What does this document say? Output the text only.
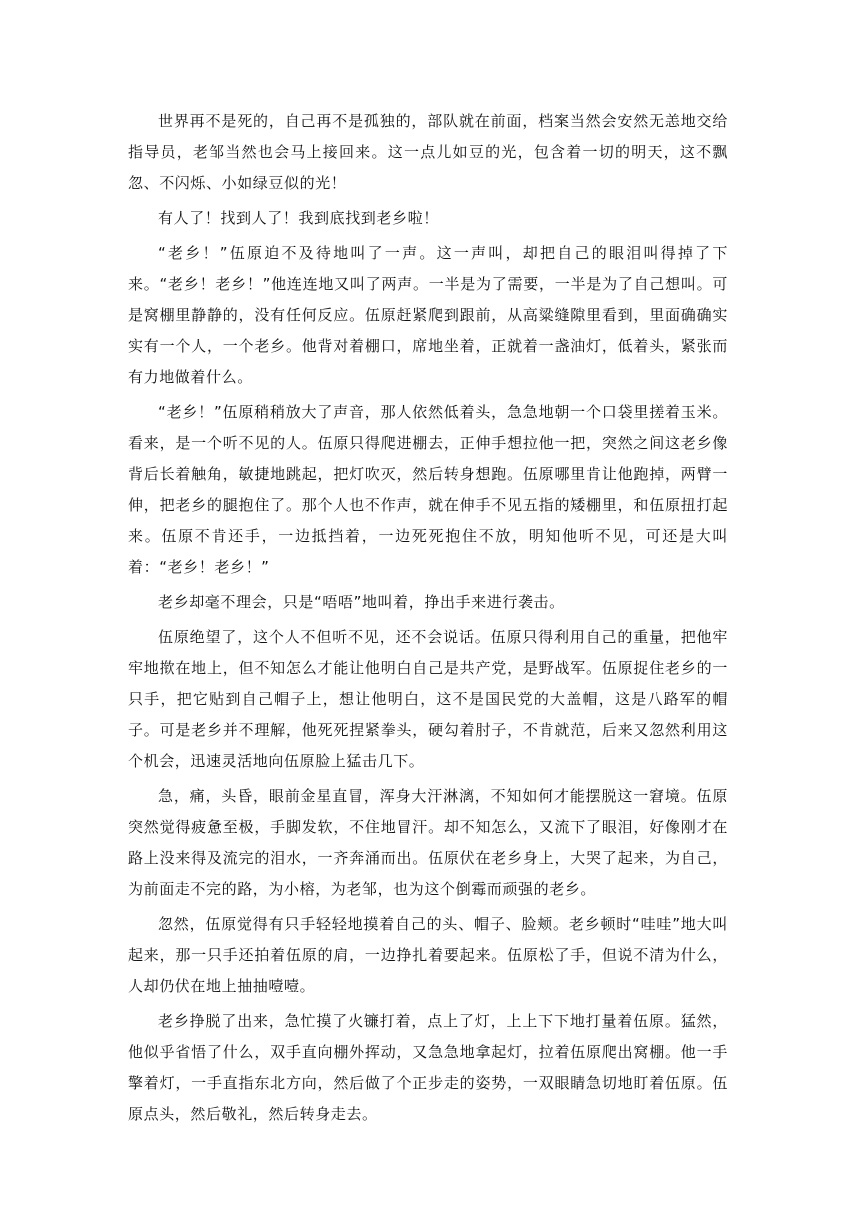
世界再不是死的，自己再不是孤独的，部队就在前面，档案当然会安然无恙地交给指导员，老邹当然也会马上接回来。这一点儿如豆的光，包含着一切的明天，这不飘忽、不闪烁、小如绿豆似的光！

有人了！找到人了！我到底找到老乡啦！

“老乡！”伍原迫不及待地叫了一声。这一声叫，却把自己的眼泪叫得掉了下来。“老乡！老乡！”他连连地又叫了两声。一半是为了需要，一半是为了自己想叫。可是窝棚里静静的，没有任何反应。伍原赶紧爬到跟前，从高粱缝隙里看到，里面确确实实有一个人，一个老乡。他背对着棚口，席地坐着，正就着一盏油灯，低着头，紧张而有力地做着什么。

“老乡！”伍原稍稍放大了声音，那人依然低着头，急急地朝一个口袋里搓着玉米。看来，是一个听不见的人。伍原只得爬进棚去，正伸手想拉他一把，突然之间这老乡像背后长着触角，敏捷地跳起，把灯吹灭，然后转身想跑。伍原哪里肯让他跑掉，两臂一伸，把老乡的腿抱住了。那个人也不作声，就在伸手不见五指的矮棚里，和伍原扭打起来。伍原不肯还手，一边抵挡着，一边死死抱住不放，明知他听不见，可还是大叫着：“老乡！老乡！”

老乡却毫不理会，只是“唔唔”地叫着，挣出手来进行袭击。

伍原绝望了，这个人不但听不见，还不会说话。伍原只得利用自己的重量，把他牢牢地揿在地上，但不知怎么才能让他明白自己是共产党，是野战军。伍原捉住老乡的一只手，把它贴到自己帽子上，想让他明白，这不是国民党的大盖帽，这是八路军的帽子。可是老乡并不理解，他死死捏紧拳头，硬勾着肘子，不肯就范，后来又忽然利用这个机会，迅速灵活地向伍原脸上猛击几下。

急，痛，头昏，眼前金星直冒，浑身大汗淋漓，不知如何才能摆脱这一窘境。伍原突然觉得疲惫至极，手脚发软，不住地冒汗。却不知怎么，又流下了眼泪，好像刚才在路上没来得及流完的泪水，一齐奔涌而出。伍原伏在老乡身上，大哭了起来，为自己，为前面走不完的路，为小榕，为老邹，也为这个倒霉而顽强的老乡。

忽然，伍原觉得有只手轻轻地摸着自己的头、帽子、脸颊。老乡顿时“哇哇”地大叫起来，那一只手还拍着伍原的肩，一边挣扎着要起来。伍原松了手，但说不清为什么，人却仍伏在地上抽抽噎噎。

老乡挣脱了出来，急忙摸了火镰打着，点上了灯，上上下下地打量着伍原。猛然，他似乎省悟了什么，双手直向棚外挥动，又急急地拿起灯，拉着伍原爬出窝棚。他一手擎着灯，一手直指东北方向，然后做了个正步走的姿势，一双眼睛急切地盯着伍原。伍原点头，然后敬礼，然后转身走去。
